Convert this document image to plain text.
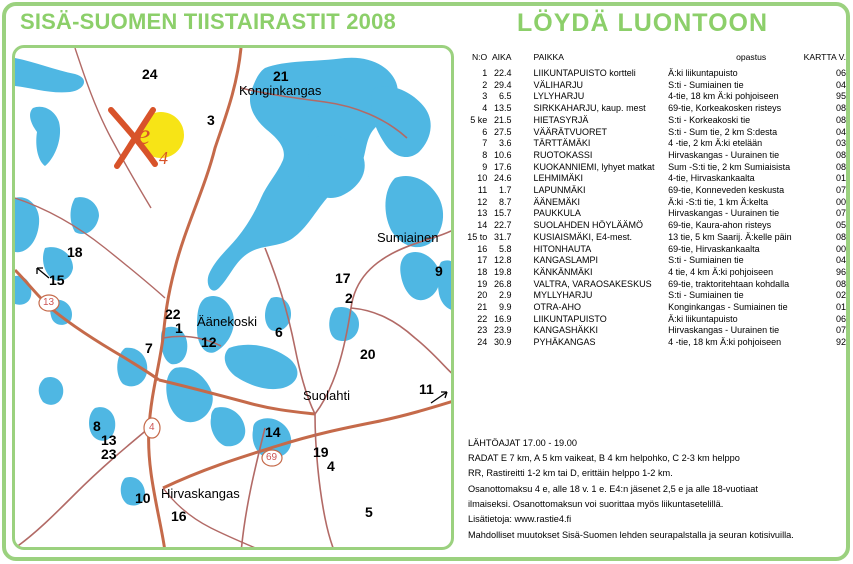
SISÄ-SUOMEN TIISTAIRASTIT 2008	LÖYDÄ LUONTOON
e
4
Konginkangas
Sumiainen
Äänekoski
Suolahti
Hirvaskangas
13
4
69
24	21
3
18
15	17
2
9
22
1
12
6
7	20
11
8
13
23
14
19
4
10
16	5
N:O	AIKA	PAIKKA	opastus	KARTTA V.
1	22.4	LIIKUNTAPUISTO kortteli	Ä:ki liikuntapuisto	06
2	29.4	VÄLIHARJU	S:ti - Sumiainen tie	04
3	6.5	LYLYHARJU	4-tie, 18 km Ä:ki pohjoiseen	95
4	13.5	SIRKKAHARJU, kaup. mest	69-tie, Korkeakosken risteys	08
5 ke	21.5	HIETASYRJÄ	S:ti - Korkeakoski tie	08
6	27.5	VÄÄRÄTVUORET	S:ti - Sum tie, 2 km S:desta	04
7	3.6	TÄRTTÄMÄKI	4 -tie, 2 km Ä:ki etelään	03
8	10.6	RUOTOKASSI	Hirvaskangas - Uurainen tie	08
9	17.6	KUOKANNIEMI, lyhyet matkat	Sum -S:ti tie, 2 km Sumiaisista	08
10	24.6	LEHMIMÄKI	4-tie, Hirvaskankaalta	01
11	1.7	LAPUNMÄKI	69-tie, Konneveden keskusta	07
12	8.7	ÄÄNEMÄKI	Ä:ki -S:ti tie, 1 km Ä:kelta	00
13	15.7	PAUKKULA	Hirvaskangas - Uurainen tie	07
14	22.7	SUOLAHDEN HÖYLÄÄMÖ	69-tie, Kaura-ahon risteys	05
15 to	31.7	KUSIAISMÄKI, E4-mest.	13 tie, 5 km Saarij. Ä:kelle päin	08
16	5.8	HITONHAUTA	69-tie, Hirvaskankaalta	00
17	12.8	KANGASLAMPI	S:ti - Sumiainen tie	04
18	19.8	KÄNKÄNMÄKI	4 tie, 4 km Ä:ki pohjoiseen	96
19	26.8	VALTRA, VARAOSAKESKUS	69-tie, traktoritehtaan kohdalla	08
20	2.9	MYLLYHARJU	S:ti - Sumiainen tie	02
21	9.9	OTRA-AHO	Konginkangas - Sumiainen tie	01
22	16.9	LIIKUNTAPUISTO	Ä:ki liikuntapuisto	06
23	23.9	KANGASHÄKKI	Hirvaskangas - Uurainen tie	07
24	30.9	PYHÄKANGAS	4 -tie, 18 km Ä:ki pohjoiseen	92
LÄHTÖAJAT 17.00 - 19.00
RADAT E 7 km, A 5 km vaikeat, B 4 km helpohko, C 2-3 km helppo
RR, Rastireitti 1-2 km tai D, erittäin helppo 1-2 km.
Osanottomaksu 4 e, alle 18 v. 1 e. E4:n jäsenet 2,5 e ja alle 18-vuotiaat
ilmaiseksi. Osanottomaksun voi suorittaa myös liikuntasetelillä.
Lisätietoja: www.rastie4.fi
Mahdolliset muutokset Sisä-Suomen lehden seurapalstalla ja seuran kotisivuilla.
